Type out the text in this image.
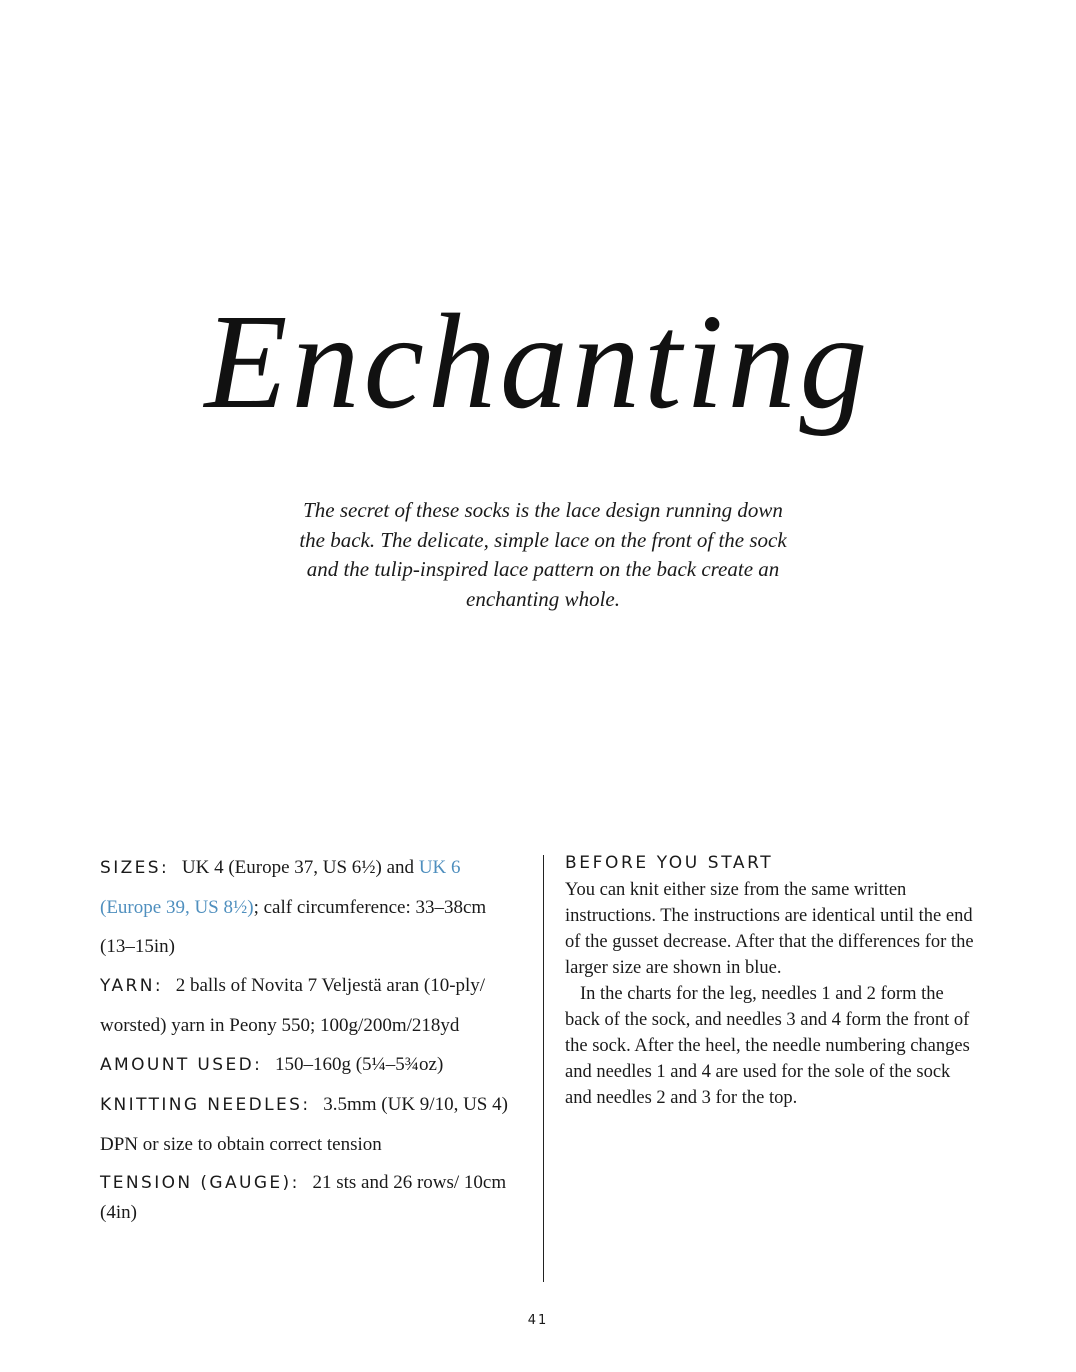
Enchanting
The secret of these socks is the lace design running down the back. The delicate, simple lace on the front of the sock and the tulip-inspired lace pattern on the back create an enchanting whole.

SIZES: UK 4 (Europe 37, US 6½) and UK 6 (Europe 39, US 8½); calf circumference: 33–38cm (13–15in)

YARN: 2 balls of Novita 7 Veljestä aran (10-ply/ worsted) yarn in Peony 550; 100g/200m/218yd

AMOUNT USED: 150–160g (5¼–5¾oz)

KNITTING NEEDLES: 3.5mm (UK 9/10, US 4) DPN or size to obtain correct tension

TENSION (GAUGE): 21 sts and 26 rows/ 10cm (4in)

BEFORE YOU START

You can knit either size from the same written instructions. The instructions are identical until the end of the gusset decrease. After that the differences for the larger size are shown in blue.

In the charts for the leg, needles 1 and 2 form the back of the sock, and needles 3 and 4 form the front of the sock. After the heel, the needle numbering changes and needles 1 and 4 are used for the sole of the sock and needles 2 and 3 for the top.

41
